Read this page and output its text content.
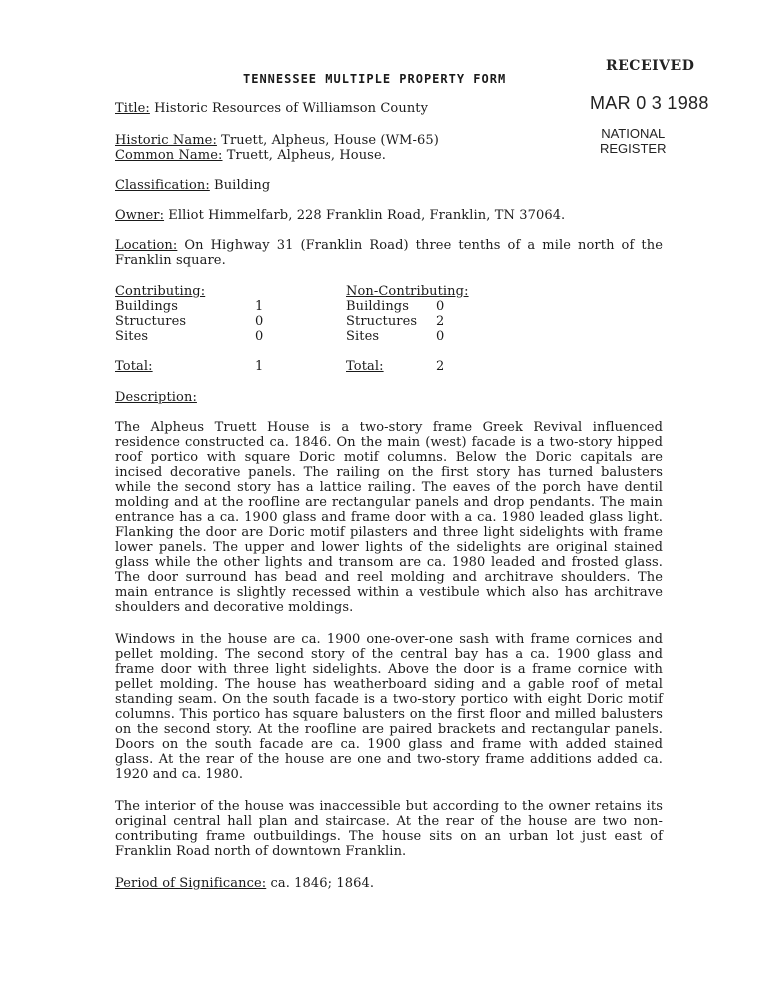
RECEIVED
MAR 0 3 1988
NATIONAL
REGISTER
TENNESSEE MULTIPLE PROPERTY FORM
Title: Historic Resources of Williamson County
Historic Name: Truett, Alpheus, House (WM-65)
Common Name: Truett, Alpheus, House.
Classification: Building
Owner: Elliot Himmelfarb, 228 Franklin Road, Franklin, TN 37064.
Location: On Highway 31 (Franklin Road) three tenths of a mile north of the
Franklin square.
Contributing:
Buildings	1
Structures	0
Sites	0
Total:	1
Non-Contributing:
Buildings 0
Structures 2
Sites	0
Total:	2
Description:

The Alpheus Truett House is a two-story frame Greek Revival influenced residence constructed ca. 1846. On the main (west) facade is a two-story hipped roof portico with square Doric motif columns. Below the Doric capitals are incised decorative panels. The railing on the first story has turned balusters while the second story has a lattice railing. The eaves of the porch have dentil molding and at the roofline are rectangular panels and drop pendants. The main entrance has a ca. 1900 glass and frame door with a ca. 1980 leaded glass light. Flanking the door are Doric motif pilasters and three light sidelights with frame lower panels. The upper and lower lights of the sidelights are original stained glass while the other lights and transom are ca. 1980 leaded and frosted glass. The door surround has bead and reel molding and architrave shoulders. The main entrance is slightly recessed within a vestibule which also has architrave shoulders and decorative moldings.

Windows in the house are ca. 1900 one-over-one sash with frame cornices and pellet molding. The second story of the central bay has a ca. 1900 glass and frame door with three light sidelights. Above the door is a frame cornice with pellet molding. The house has weatherboard siding and a gable roof of metal standing seam. On the south facade is a two-story portico with eight Doric motif columns. This portico has square balusters on the first floor and milled balusters on the second story. At the roofline are paired brackets and rectangular panels. Doors on the south facade are ca. 1900 glass and frame with added stained glass. At the rear of the house are one and two-story frame additions added ca. 1920 and ca. 1980.

The interior of the house was inaccessible but according to the owner retains its original central hall plan and staircase. At the rear of the house are two non-contributing frame outbuildings. The house sits on an urban lot just east of Franklin Road north of downtown Franklin.

Period of Significance: ca. 1846; 1864.
